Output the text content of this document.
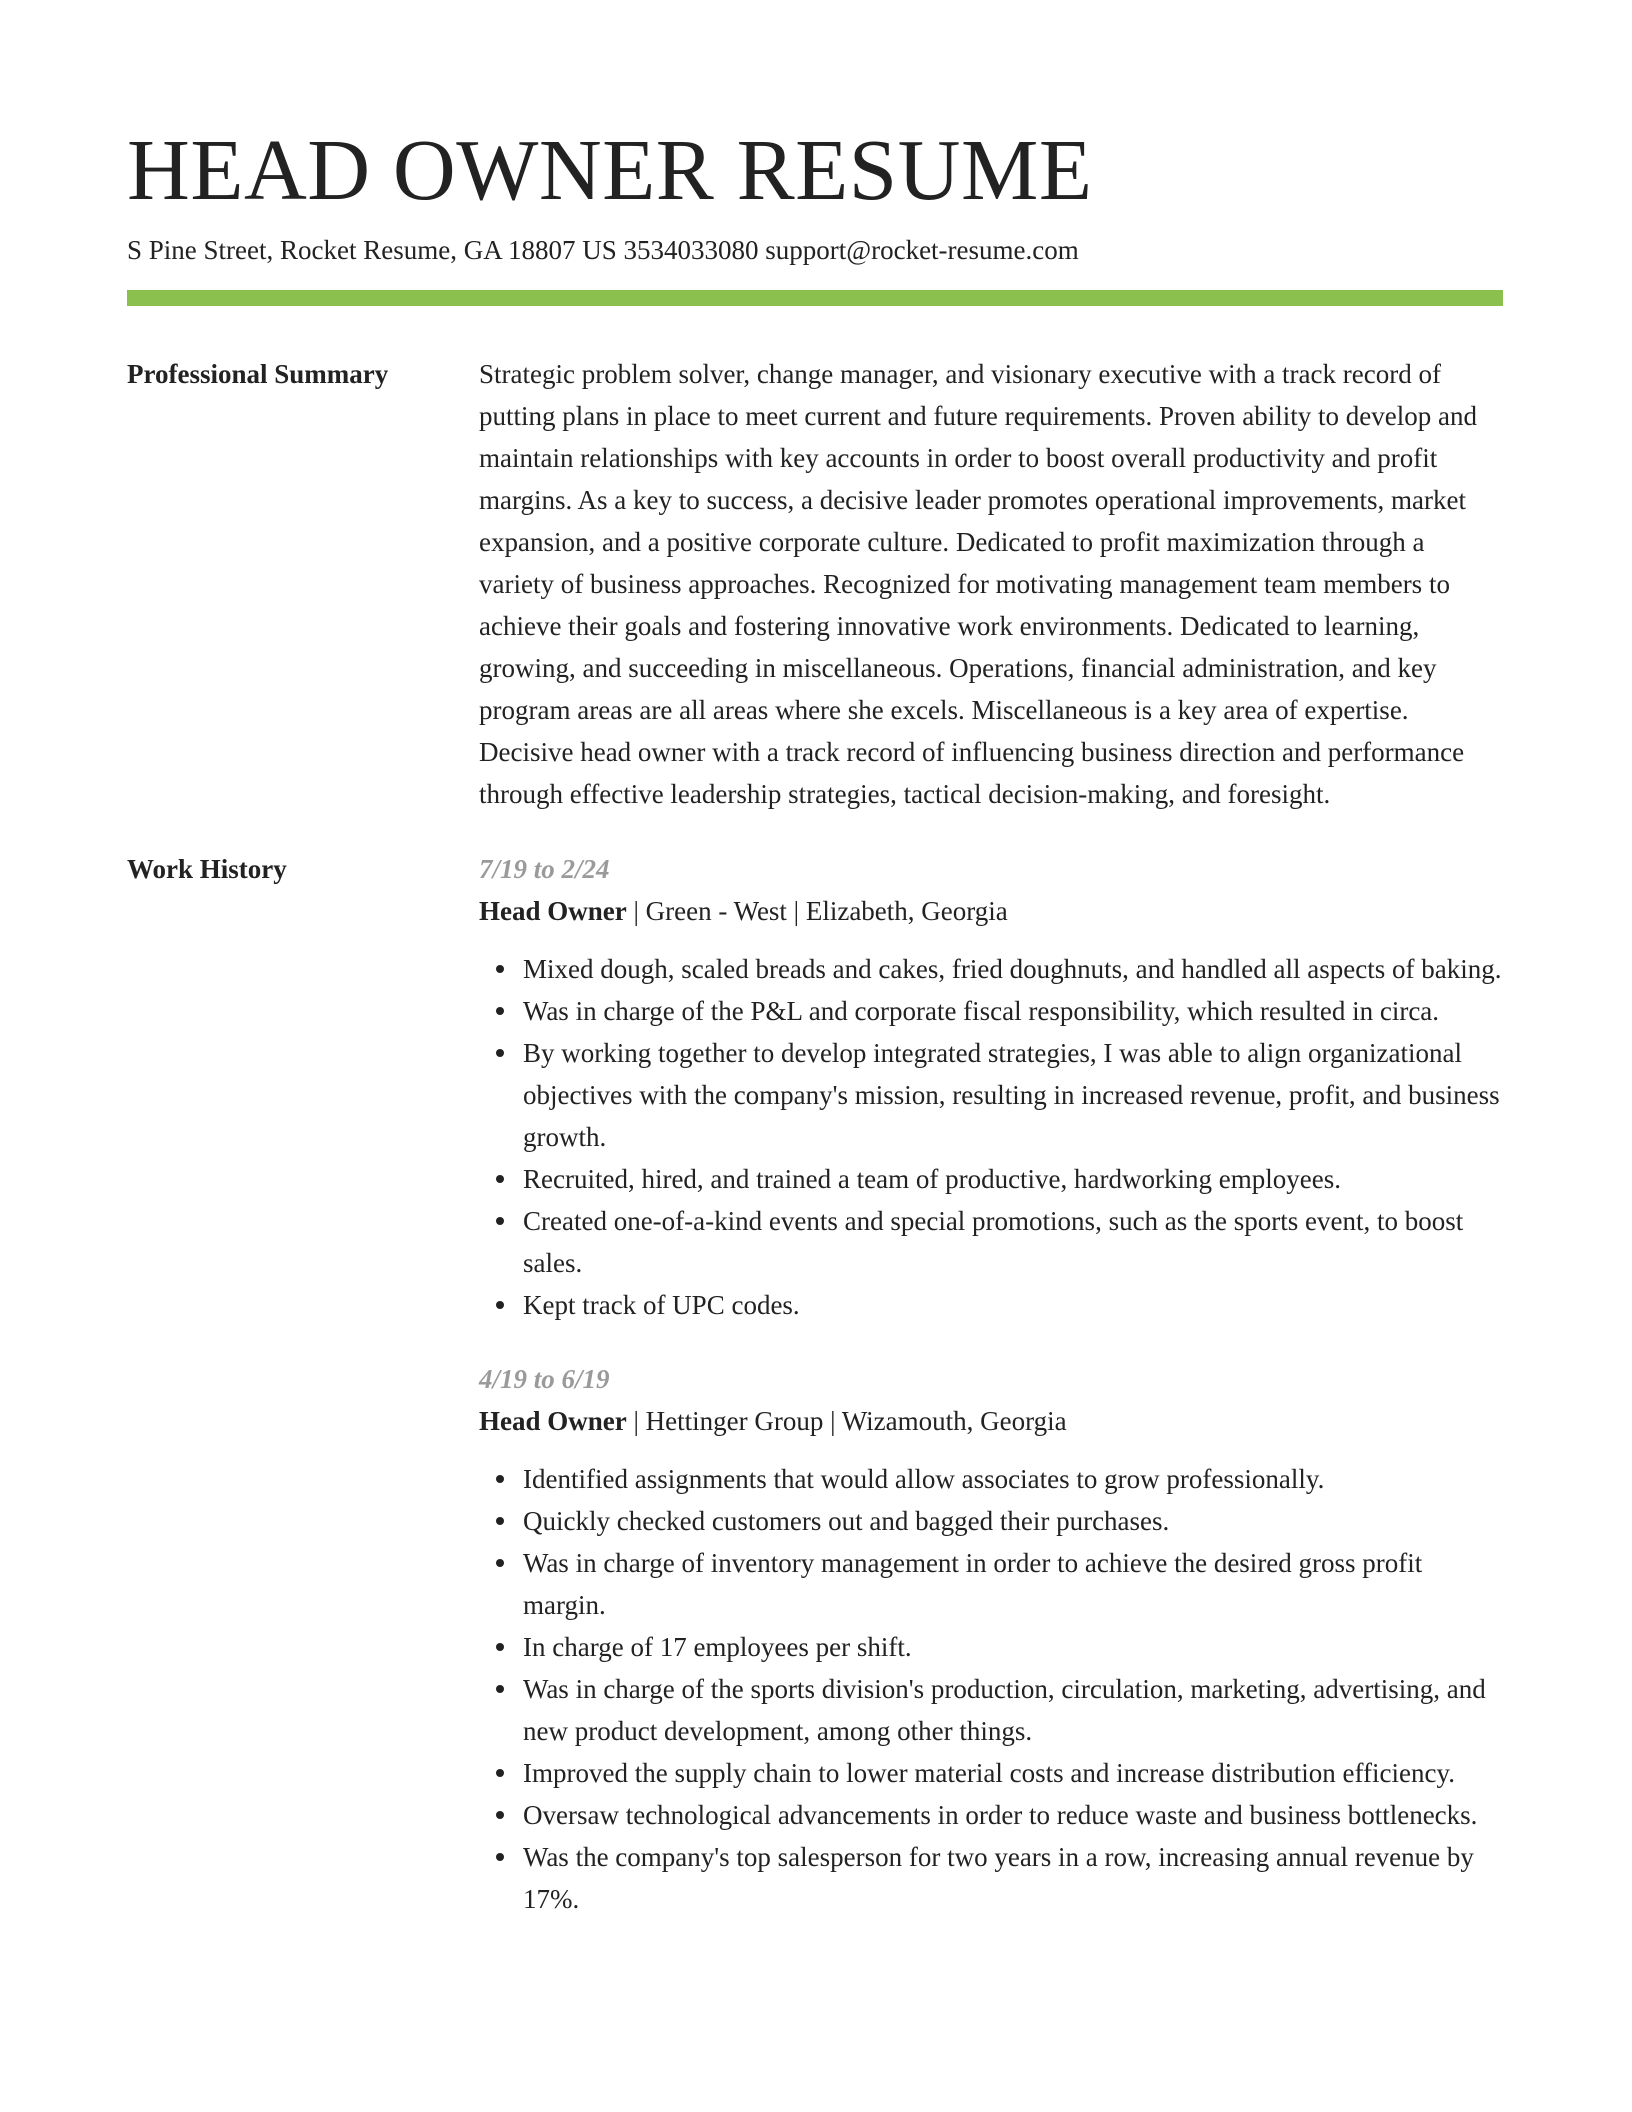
HEAD OWNER RESUME
S Pine Street, Rocket Resume, GA 18807 US 3534033080 support@rocket-resume.com
Professional Summary	Strategic problem solver, change manager, and visionary executive with a track record of putting plans in place to meet current and future requirements. Proven ability to develop and maintain relationships with key accounts in order to boost overall productivity and profit margins. As a key to success, a decisive leader promotes operational improvements, market expansion, and a positive corporate culture. Dedicated to profit maximization through a variety of business approaches. Recognized for motivating management team members to achieve their goals and fostering innovative work environments. Dedicated to learning, growing, and succeeding in miscellaneous. Operations, financial administration, and key program areas are all areas where she excels. Miscellaneous is a key area of expertise. Decisive head owner with a track record of influencing business direction and performance through effective leadership strategies, tactical decision-making, and foresight.

Work History	7/19 to 2/24
Head Owner | Green - West | Elizabeth, Georgia
Mixed dough, scaled breads and cakes, fried doughnuts, and handled all aspects of baking.
Was in charge of the P&L and corporate fiscal responsibility, which resulted in circa.
By working together to develop integrated strategies, I was able to align organizational objectives with the company's mission, resulting in increased revenue, profit, and business growth.
Recruited, hired, and trained a team of productive, hardworking employees.
Created one-of-a-kind events and special promotions, such as the sports event, to boost sales.
Kept track of UPC codes.
4/19 to 6/19
Head Owner | Hettinger Group | Wizamouth, Georgia
Identified assignments that would allow associates to grow professionally.
Quickly checked customers out and bagged their purchases.
Was in charge of inventory management in order to achieve the desired gross profit margin.
In charge of 17 employees per shift.
Was in charge of the sports division's production, circulation, marketing, advertising, and new product development, among other things.
Improved the supply chain to lower material costs and increase distribution efficiency.
Oversaw technological advancements in order to reduce waste and business bottlenecks.
Was the company's top salesperson for two years in a row, increasing annual revenue by 17%.
